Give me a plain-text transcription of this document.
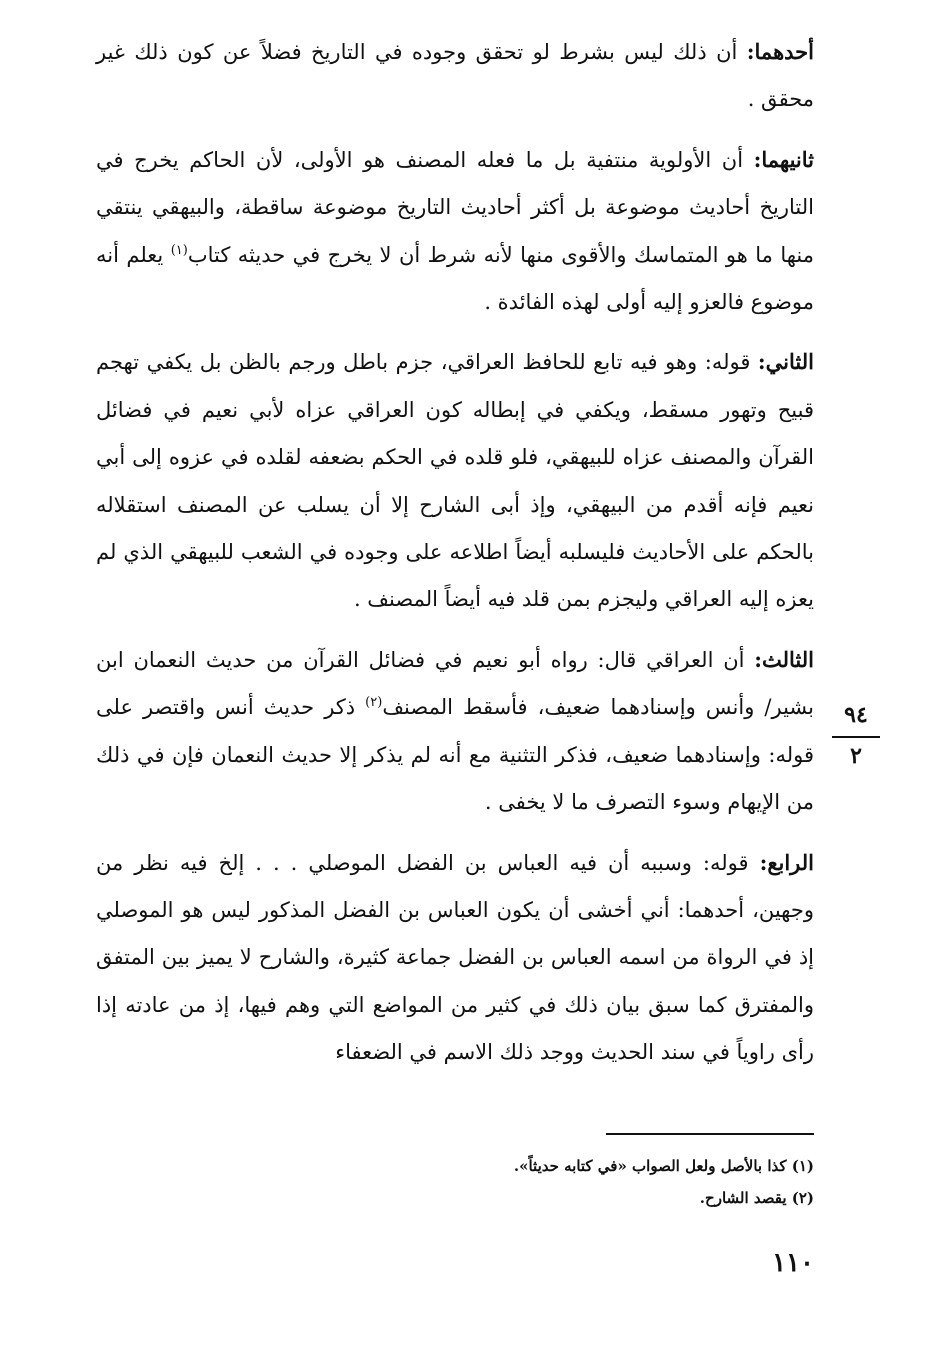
أحدهما: أن ذلك ليس بشرط لو تحقق وجوده في التاريخ فضلاً عن كون ذلك غير محقق .

ثانيهما: أن الأولوية منتفية بل ما فعله المصنف هو الأولى، لأن الحاكم يخرج في التاريخ أحاديث موضوعة بل أكثر أحاديث التاريخ موضوعة ساقطة، والبيهقي ينتقي منها ما هو المتماسك والأقوى منها لأنه شرط أن لا يخرج في حديثه كتاب$^{(١)}$ يعلم أنه موضوع فالعزو إليه أولى لهذه الفائدة .

الثاني: قوله: وهو فيه تابع للحافظ العراقي، جزم باطل ورجم بالظن بل يكفي تهجم قبيح وتهور مسقط، ويكفي في إبطاله كون العراقي عزاه لأبي نعيم في فضائل القرآن والمصنف عزاه للبيهقي، فلو قلده في الحكم بضعفه لقلده في عزوه إلى أبي نعيم فإنه أقدم من البيهقي، وإذ أبى الشارح إلا أن يسلب عن المصنف استقلاله بالحكم على الأحاديث فليسلبه أيضاً اطلاعه على وجوده في الشعب للبيهقي الذي لم يعزه إليه العراقي وليجزم بمن قلد فيه أيضاً المصنف .

الثالث: أن العراقي قال: رواه أبو نعيم في فضائل القرآن من حديث النعمان ابن بشير/ وأنس وإسنادهما ضعيف، فأسقط المصنف$^{(٢)}$ ذكر حديث أنس واقتصر على قوله: وإسنادهما ضعيف، فذكر التثنية مع أنه لم يذكر إلا حديث النعمان فإن في ذلك من الإيهام وسوء التصرف ما لا يخفى .

الرابع: قوله: وسببه أن فيه العباس بن الفضل الموصلي . . . إلخ فيه نظر من وجهين، أحدهما: أني أخشى أن يكون العباس بن الفضل المذكور ليس هو الموصلي إذ في الرواة من اسمه العباس بن الفضل جماعة كثيرة، والشارح لا يميز بين المتفق والمفترق كما سبق بيان ذلك في كثير من المواضع التي وهم فيها، إذ من عادته إذا رأى راوياً في سند الحديث ووجد ذلك الاسم في الضعفاء

٩٤
٢

(١) كذا بالأصل ولعل الصواب «في كتابه حديثاً».

(٢) يقصد الشارح.

١١٠
